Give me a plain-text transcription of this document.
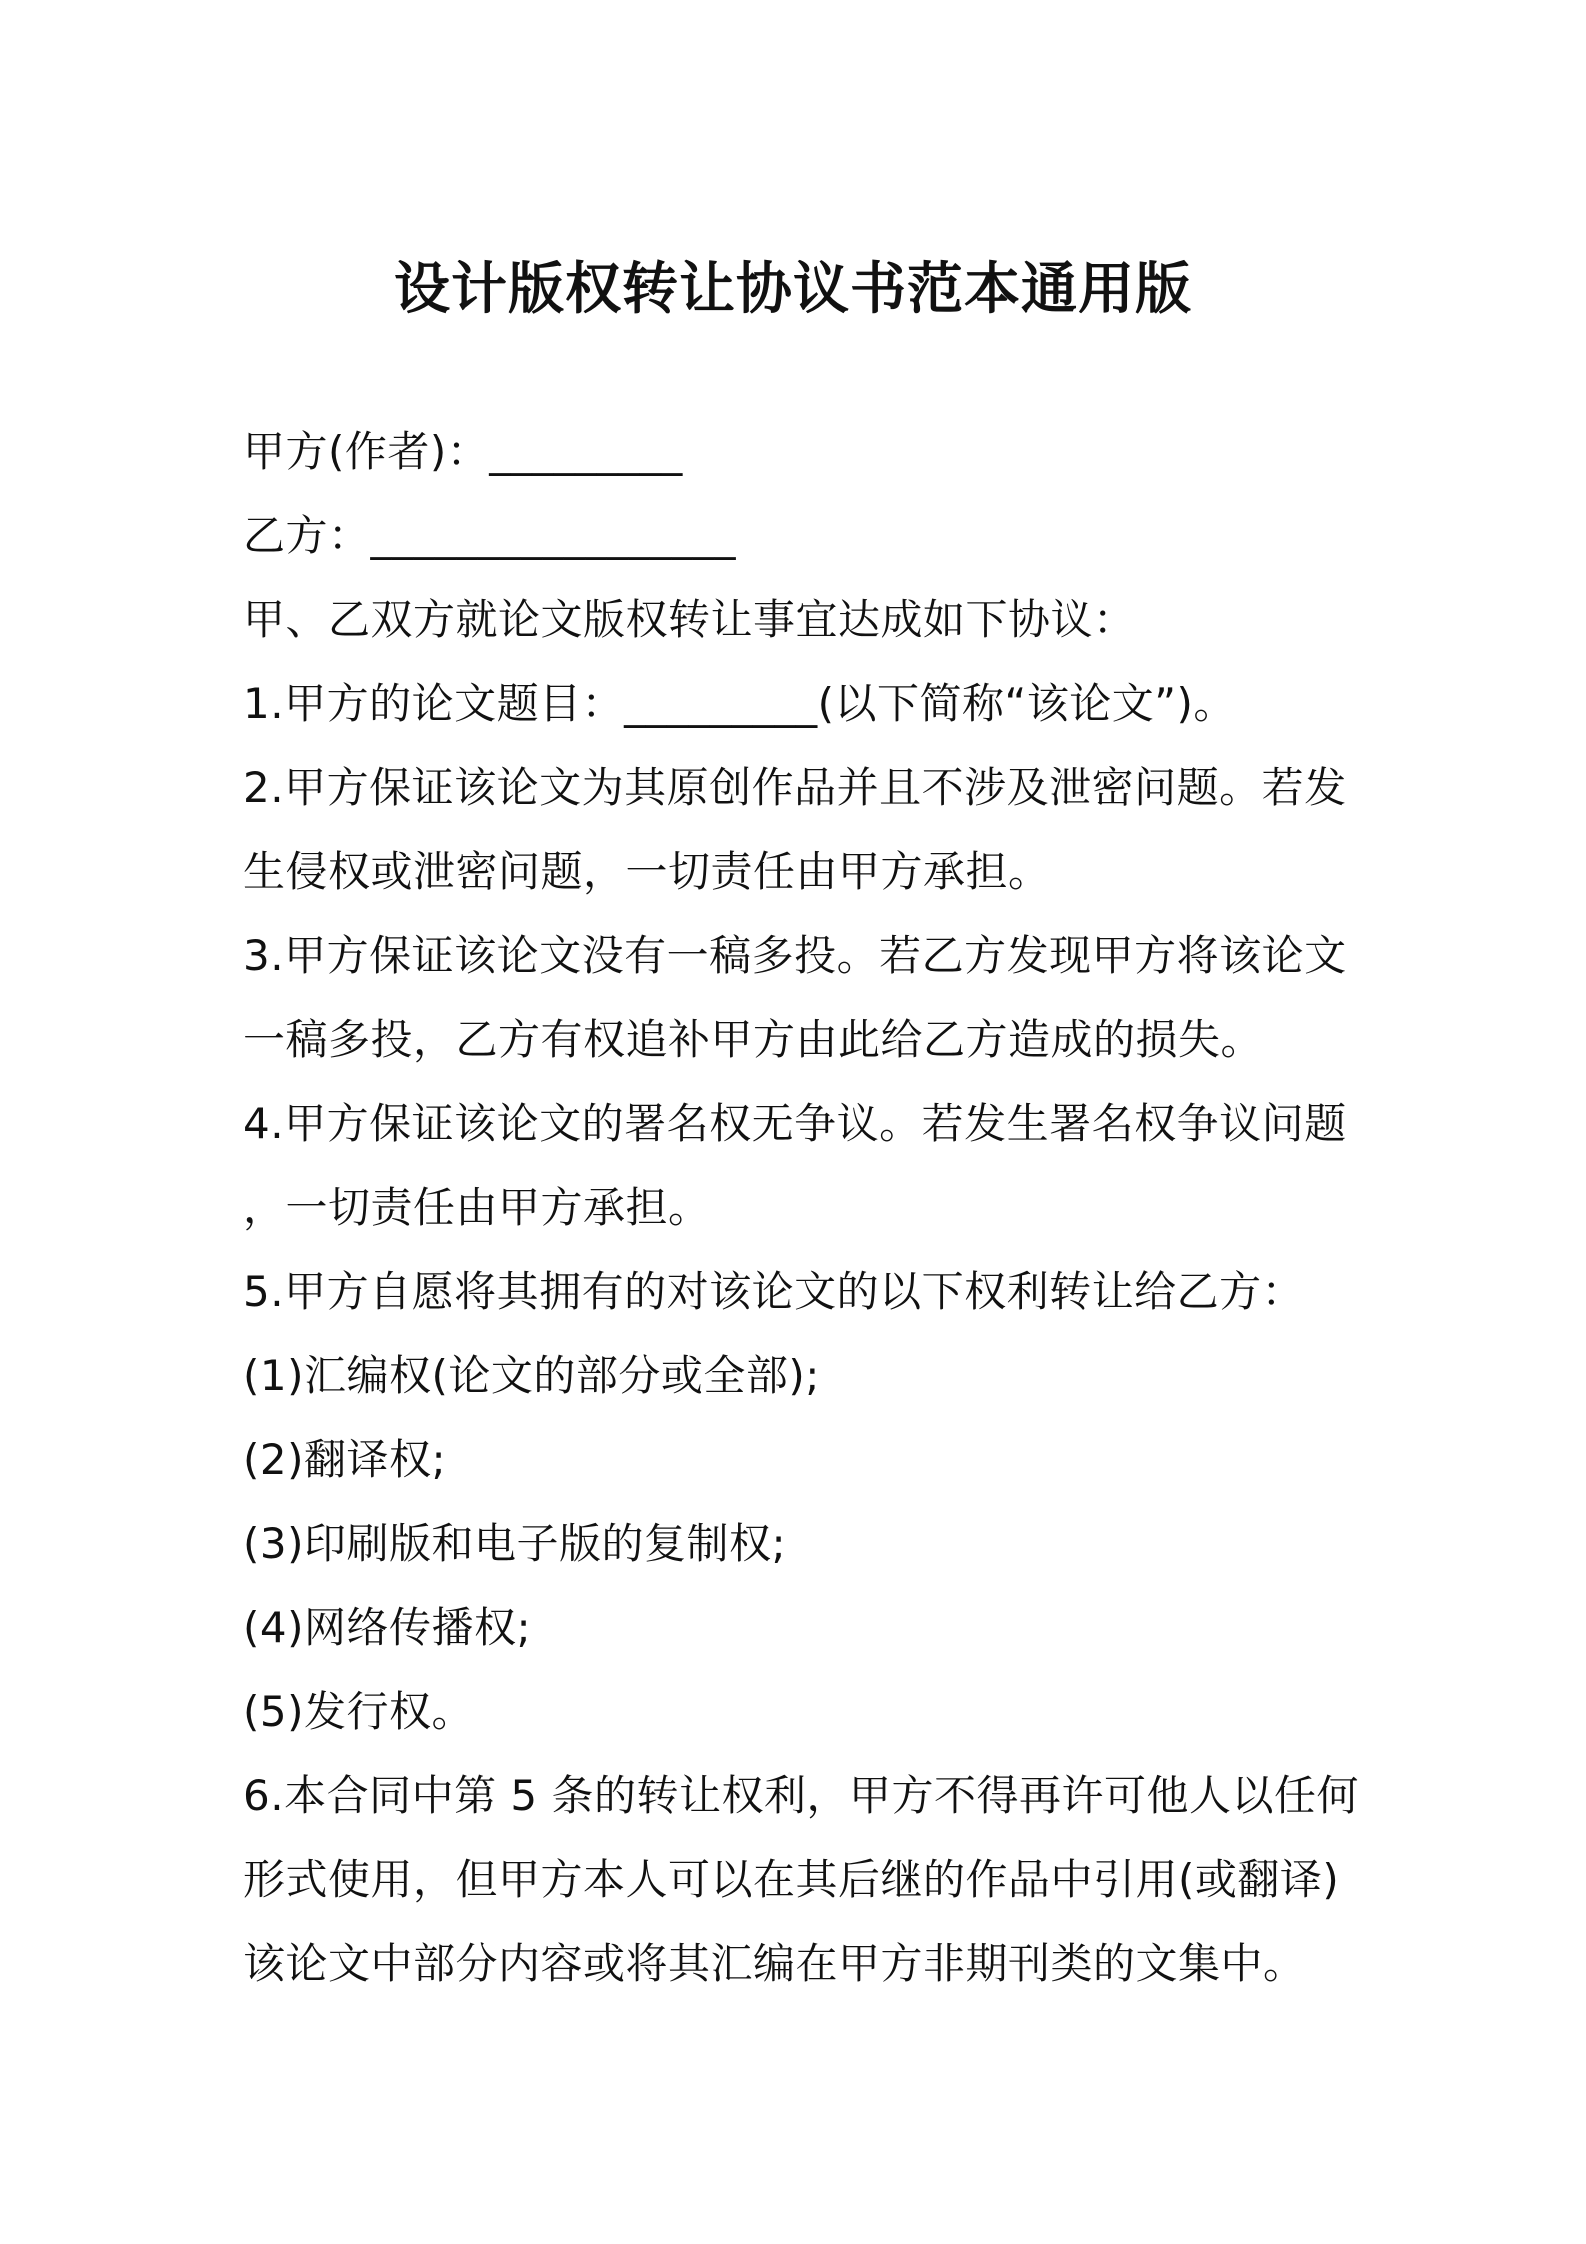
设计版权转让协议书范本通用版
甲方(作者)：_________
乙方：_________________
甲、乙双方就论文版权转让事宜达成如下协议：
1.甲方的论文题目：_________(以下简称“该论文”)。
2.甲方保证该论文为其原创作品并且不涉及泄密问题。若发
生侵权或泄密问题，一切责任由甲方承担。
3.甲方保证该论文没有一稿多投。若乙方发现甲方将该论文
一稿多投，乙方有权追补甲方由此给乙方造成的损失。
4.甲方保证该论文的署名权无争议。若发生署名权争议问题
，一切责任由甲方承担。
5.甲方自愿将其拥有的对该论文的以下权利转让给乙方：
(1)汇编权(论文的部分或全部);
(2)翻译权;
(3)印刷版和电子版的复制权;
(4)网络传播权;
(5)发行权。
6.本合同中第 5 条的转让权利，甲方不得再许可他人以任何
形式使用，但甲方本人可以在其后继的作品中引用(或翻译)
该论文中部分内容或将其汇编在甲方非期刊类的文集中。
